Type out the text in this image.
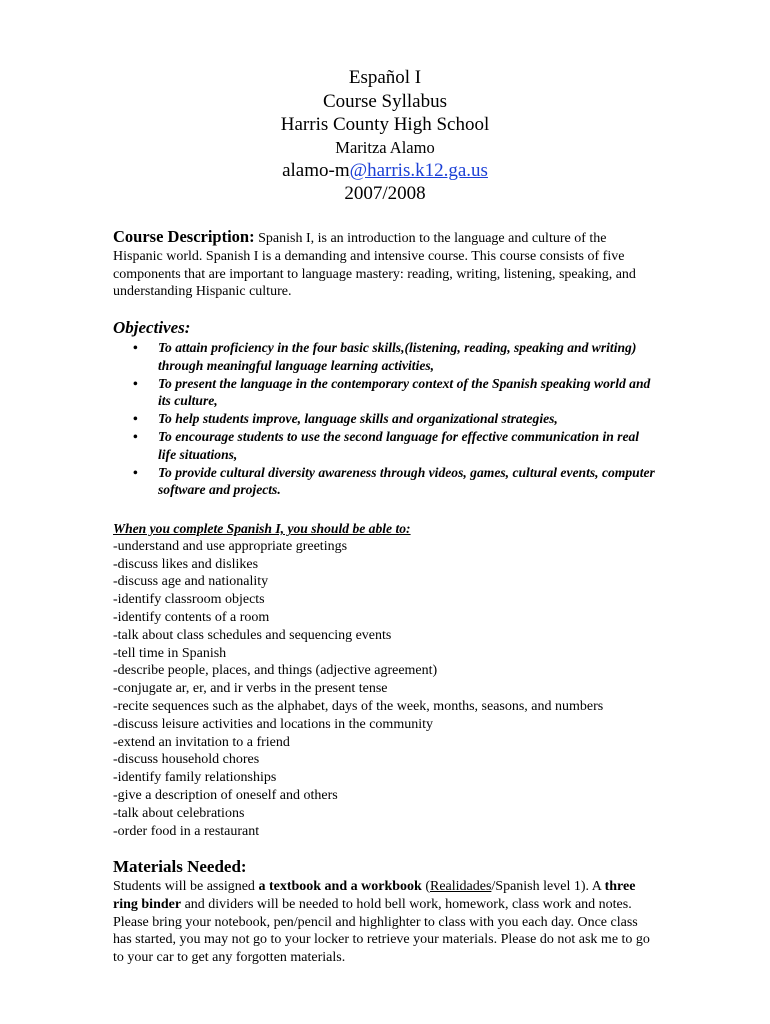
Español I
Course Syllabus
Harris County High School
Maritza Alamo
alamo-m@harris.k12.ga.us
2007/2008
Course Description: Spanish I, is an introduction to the language and culture of the Hispanic world. Spanish I is a demanding and intensive course. This course consists of five components that are important to language mastery: reading, writing, listening, speaking, and understanding Hispanic culture.
Objectives:
• To attain proficiency in the four basic skills,(listening, reading, speaking and writing) through meaningful language learning activities,
• To present the language in the contemporary context of the Spanish speaking world and its culture,
• To help students improve, language skills and organizational strategies,
• To encourage students to use the second language for effective communication in real life situations,
• To provide cultural diversity awareness through videos, games, cultural events, computer software and projects.
When you complete Spanish I, you should be able to:
-understand and use appropriate greetings
-discuss likes and dislikes
-discuss age and nationality
-identify classroom objects
-identify contents of a room
-talk about class schedules and sequencing events
-tell time in Spanish
-describe people, places, and things (adjective agreement)
-conjugate ar, er, and ir verbs in the present tense
-recite sequences such as the alphabet, days of the week, months, seasons, and numbers
-discuss leisure activities and locations in the community
-extend an invitation to a friend
-discuss household chores
-identify family relationships
-give a description of oneself and others
-talk about celebrations
-order food in a restaurant
Materials Needed:
Students will be assigned a textbook and a workbook (Realidades/Spanish level 1). A three ring binder and dividers will be needed to hold bell work, homework, class work and notes. Please bring your notebook, pen/pencil and highlighter to class with you each day. Once class has started, you may not go to your locker to retrieve your materials. Please do not ask me to go to your car to get any forgotten materials.
